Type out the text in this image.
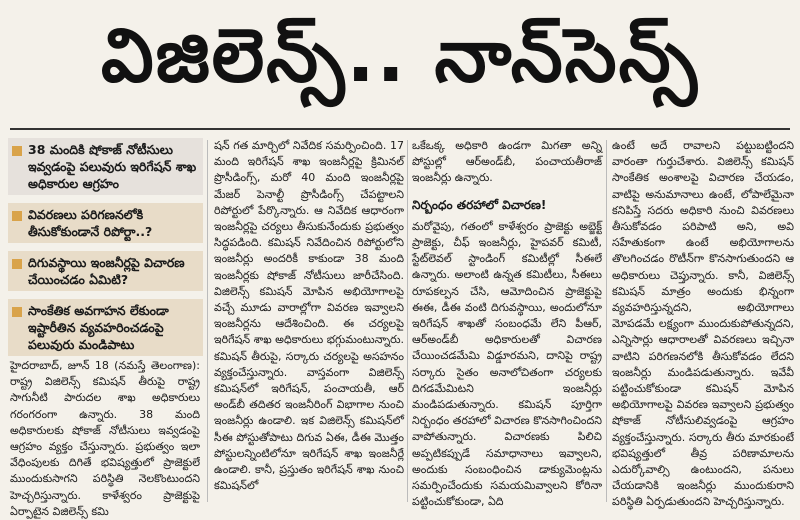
విజిలెన్స్.. నాన్‌సెన్స్
38 మందికి షోకాజ్ నోటీసులు ఇవ్వడంపై పలువురు ఇరిగేషన్ శాఖ అధికారుల ఆగ్రహం
వివరణలు పరిగణనలోకి తీసుకోకుండానే రిపోర్టా..?
దిగువస్థాయి ఇంజనీర్లపై విచారణ చేయించడం ఏమిటి?
సాంకేతిక అవగాహన లేకుండా ఇష్టారీతిన వ్యవహరించడంపై పలువురు మండిపాటు

హైదరాబాద్, జూన్ 18 (నమస్తే తెలంగాణ): రాష్ట్ర విజిలెన్స్ కమిషన్ తీరుపై రాష్ట్ర సాగునీటి పారుదల శాఖ అధికారులు గరంగరంగా ఉన్నారు. 38 మంది అధికారులకు షోకాజ్ నోటీసులు ఇవ్వడంపై ఆగ్రహం వ్యక్తం చేస్తున్నారు. ప్రభుత్వం ఇలా వేధింపులకు దిగితే భవిష్యత్తులో ప్రాజెక్టులే ముందుకుసాగని పరిస్థితి నెలకొంటుందని హెచ్చరిస్తున్నారు. కాళేశ్వరం ప్రాజెక్టుపై ఏర్పాటైన విజిలెన్స్ కమి

షన్ గత మార్చిలో నివేదిక సమర్పించింది. 17 మంది ఇరిగేషన్ శాఖ ఇంజనీర్లపై క్రిమినల్ ప్రొసీడింగ్స్, మరో 40 మంది ఇంజనీర్లపై మేజర్ పెనాల్టీ ప్రొసీడింగ్స్ చేపట్టాలని రిపోర్టులో పేర్కొన్నారు. ఆ నివేదిక ఆధారంగా ఇంజనీర్లపై చర్యలు తీసుకునేందుకు ప్రభుత్వం సిద్ధపడింది. కమిషన్ నివేదించిన రిపోర్టులోని ఇంజనీర్లు అందరికీ కాకుండా 38 మంది ఇంజనీర్లకు షోకాజ్ నోటీసులు జారీచేసింది. విజిలెన్స్ కమిషన్ మోపిన అభియోగాలపై వచ్చే మూడు వారాల్లోగా వివరణ ఇవ్వాలని ఇంజనీర్లను ఆదేశించింది. ఈ చర్యలపై ఇరిగేషన్ శాఖ అధికారులు భగ్గుమంటున్నారు. కమిషన్ తీరుపై, సర్కారు చర్యలపై అసహనం వ్యక్తంచేస్తున్నారు. వాస్తవంగా విజిలెన్స్ కమిషన్‌లో ఇరిగేషన్, పంచాయతీ, ఆర్ అండ్‌బీ తదితర ఇంజనీరింగ్ విభాగాల నుంచి ఇంజనీర్లు ఉండాలి. ఇక విజిలెన్స్ కమిషన్‌లో సీఈ పోస్టుతోపాటు దిగువ ఏఈ, డీఈ మొత్తం పోస్టులన్నింటిలోనూ ఇరిగేషన్ శాఖ ఇంజనీర్లే ఉండాలి. కానీ, ప్రస్తుతం ఇరిగేషన్ శాఖ నుంచి కమిషన్‌లో

ఒకేఒక్క అధికారి ఉండగా మిగతా అన్ని పోస్టుల్లో ఆర్‌అండ్‌బీ, పంచాయతీరాజ్ ఇంజనీర్లు ఉన్నారు.

నిర్బంధం తరహాలో విచారణ!

మరోవైపు, గతంలో కాళేశ్వరం ప్రాజెక్టు అబ్జెక్ట్ ప్రాజెక్టు, చీఫ్ ఇంజనీర్లు, హైపవర్ కమిటీ, స్టేట్‌లెవల్ స్టాండింగ్ కమిటీల్లో సీఈలే ఉన్నారు. అలాంటి ఉన్నత కమిటీలు, సీఈలు రూపకల్పన చేసి, ఆమోదించిన ప్రాజెక్టుపై ఈఈ, డీఈ వంటి దిగువస్థాయి, అందులోనూ ఇరిగేషన్ శాఖతో సంబంధమే లేని పీఆర్, ఆర్‌అండ్‌బీ అధికారులతో విచారణ చేయించడమేమి విడ్డూరమని, దానిపై రాష్ట్ర సర్కారు సైతం అనాలోచితంగా చర్యలకు దిగడమేమిటని ఇంజనీర్లు మండిపడుతున్నారు. కమిషన్ పూర్తిగా నిర్బంధం తరహాలో విచారణ కొనసాగించిందని వాపోతున్నారు. విచారణకు పిలిచి అప్పటికప్పుడే సమాధానాలు ఇవ్వాలని, అందుకు సంబంధించిన డాక్యుమెంట్లను సమర్పించేందుకు సమయమివ్వాలని కోరినా పట్టించుకోకుండా, ఏది

ఉంటే అదే రావాలని పట్టుబట్టిందని వారంతా గుర్తుచేశారు. విజిలెన్స్ కమిషన్ సాంకేతిక అంశాలపై విచారణ చేయడం, వాటిపై అనుమానాలు ఉంటే, లోపాలేమైనా కనిపిస్తే సదరు అధికారి నుంచి వివరణలు తీసుకోవడం పరిపాటి అని, అవి సహేతుకంగా ఉంటే అభియోగాలను తొలగించడం రొటీన్‌గా కొనసాగుతుందని ఆ అధికారులు చెప్తున్నారు. కానీ, విజిలెన్స్ కమిషన్ మాత్రం అందుకు భిన్నంగా వ్యవహరిస్తున్నదని, అభియోగాలు మోపడమే లక్ష్యంగా ముందుకుపోతున్నదని, ఎన్నిసార్లు ఆధారాలతో వివరణలు ఇచ్చినా వాటిని పరిగణనలోకి తీసుకోవడం లేదని ఇంజనీర్లు మండిపడుతున్నారు. ఇవేవీ పట్టించుకోకుండా కమిషన్ మోపిన అభియోగాలపై వివరణ ఇవ్వాలని ప్రభుత్వం షోకాజ్ నోటీసులివ్వడంపై ఆగ్రహం వ్యక్తంచేస్తున్నారు. సర్కారు తీరు మారకుంటే భవిష్యత్తులో తీవ్ర పరిణామాలను ఎదుర్కోవాల్సి ఉంటుందని, పనులు చేయడానికి ఇంజనీర్లు ముందుకురాని పరిస్థితి ఏర్పడుతుందని హెచ్చరిస్తున్నారు.
